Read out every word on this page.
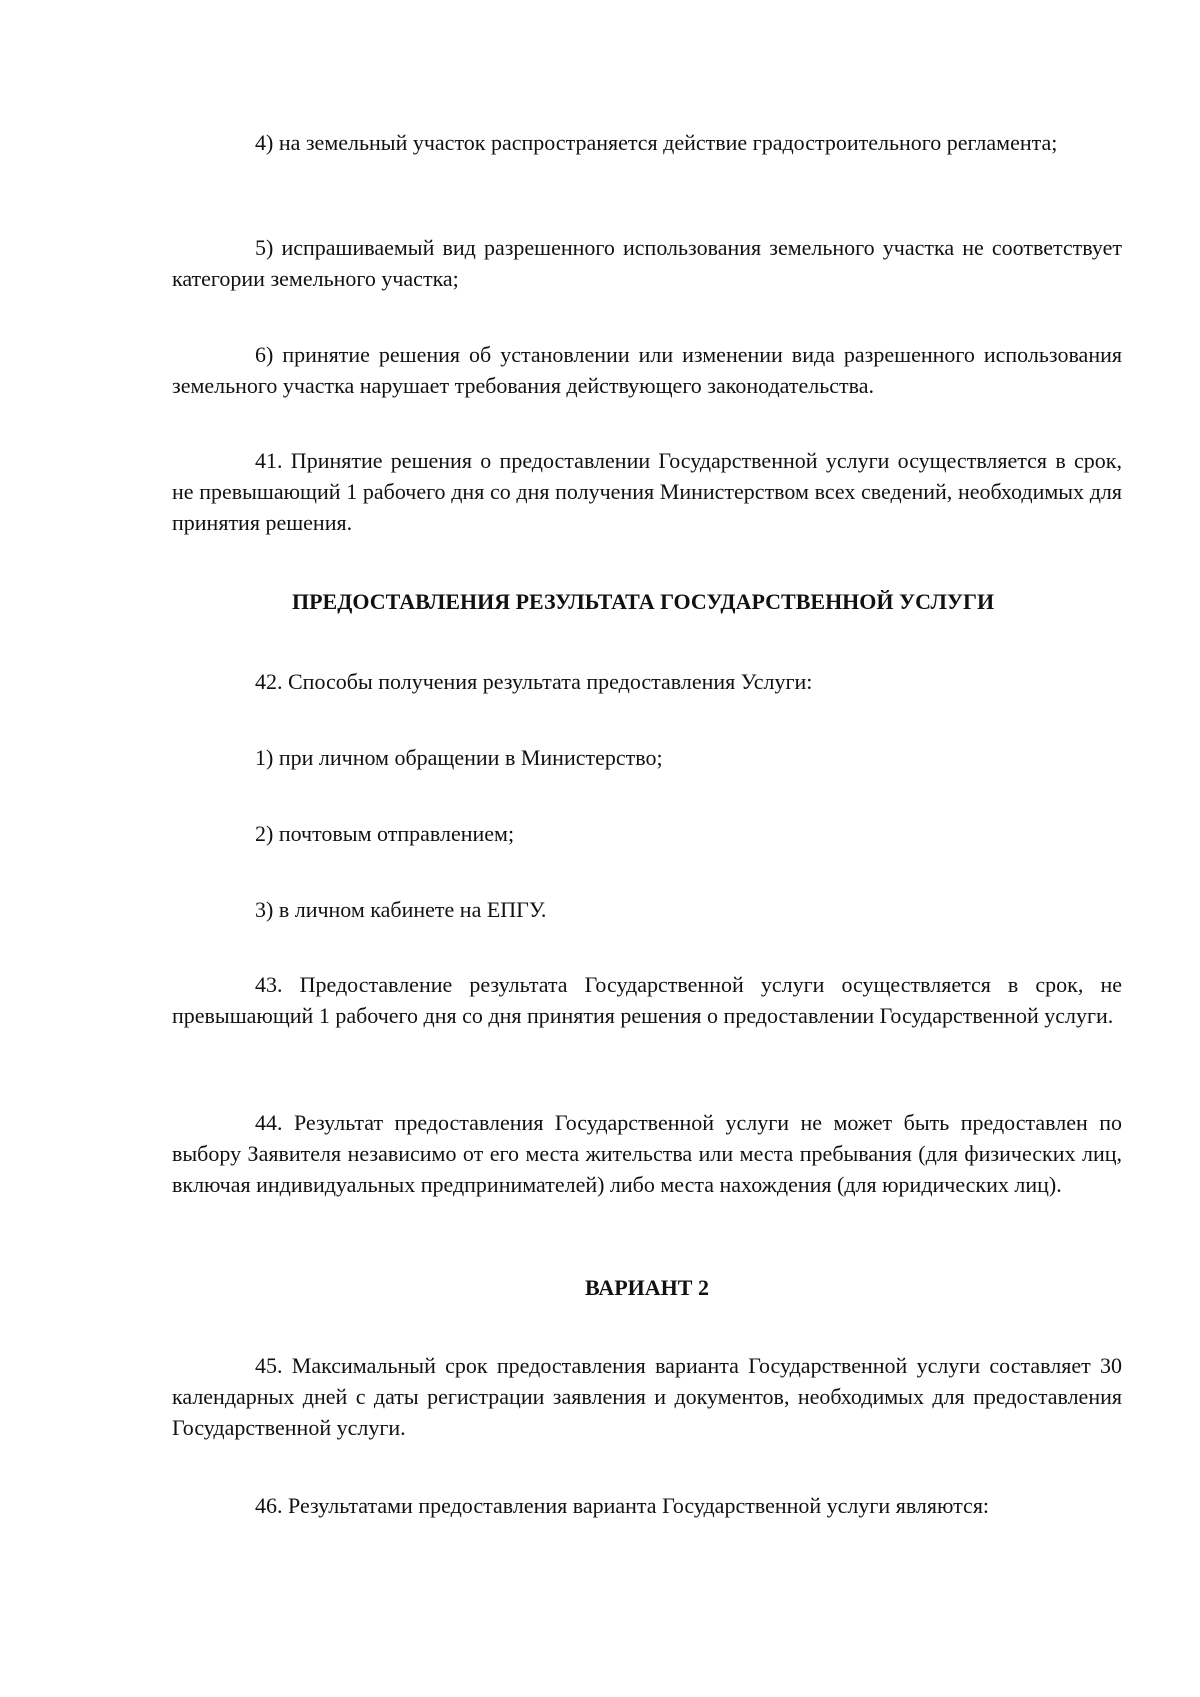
4) на земельный участок распространяется действие градостроительного регламента;

5) испрашиваемый вид разрешенного использования земельного участка не соответствует категории земельного участка;

6) принятие решения об установлении или изменении вида разрешенного использования земельного участка нарушает требования действующего законодательства.

41. Принятие решения о предоставлении Государственной услуги осуществляется в срок, не превышающий 1 рабочего дня со дня получения Министерством всех сведений, необходимых для принятия решения.

ПРЕДОСТАВЛЕНИЯ РЕЗУЛЬТАТА ГОСУДАРСТВЕННОЙ УСЛУГИ

42. Способы получения результата предоставления Услуги:

1) при личном обращении в Министерство;

2) почтовым отправлением;

3) в личном кабинете на ЕПГУ.

43. Предоставление результата Государственной услуги осуществляется в срок, не превышающий 1 рабочего дня со дня принятия решения о предоставлении Государственной услуги.

44. Результат предоставления Государственной услуги не может быть предоставлен по выбору Заявителя независимо от его места жительства или места пребывания (для физических лиц, включая индивидуальных предпринимателей) либо места нахождения (для юридических лиц).

ВАРИАНТ 2

45. Максимальный срок предоставления варианта Государственной услуги составляет 30 календарных дней с даты регистрации заявления и документов, необходимых для предоставления Государственной услуги.

46. Результатами предоставления варианта Государственной услуги являются:
